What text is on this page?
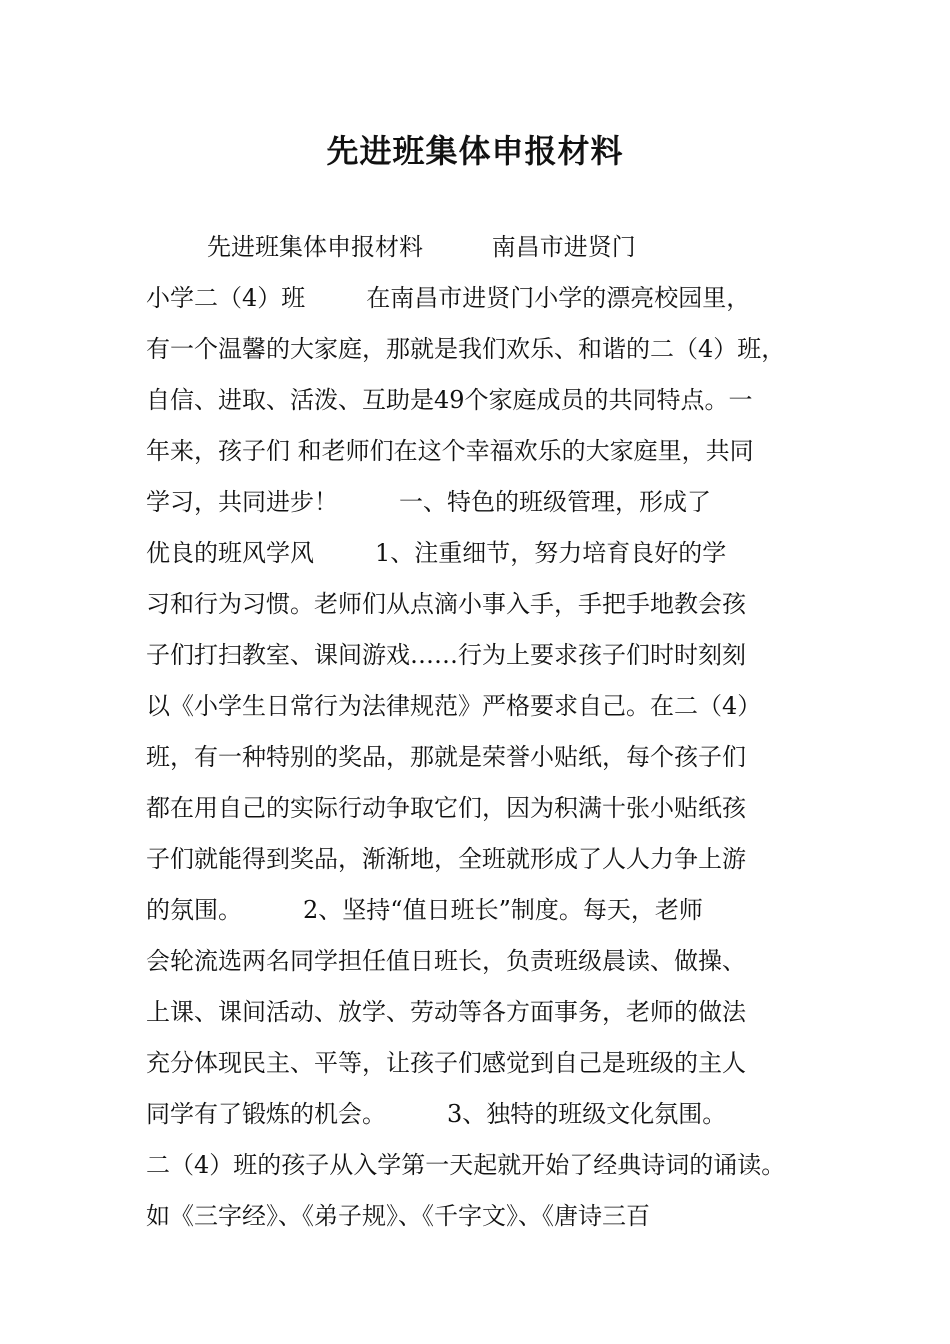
先进班集体申报材料
先进班集体申报材料         南昌市进贤门
小学二（4）班        在南昌市进贤门小学的漂亮校园里，
有一个温馨的大家庭，那就是我们欢乐、和谐的二（4）班，
自信、进取、活泼、互助是49个家庭成员的共同特点。一
年来，孩子们 和老师们在这个幸福欢乐的大家庭里，共同
学习，共同进步！        一、特色的班级管理，形成了
优良的班风学风        1、注重细节，努力培育良好的学
习和行为习惯。老师们从点滴小事入手，手把手地教会孩
子们打扫教室、课间游戏……行为上要求孩子们时时刻刻
以《小学生日常行为法律规范》严格要求自己。在二（4）
班，有一种特别的奖品，那就是荣誉小贴纸，每个孩子们
都在用自己的实际行动争取它们，因为积满十张小贴纸孩
子们就能得到奖品，渐渐地，全班就形成了人人力争上游
的氛围。        2、坚持“值日班长”制度。每天，老师
会轮流选两名同学担任值日班长，负责班级晨读、做操、
上课、课间活动、放学、劳动等各方面事务，老师的做法
充分体现民主、平等，让孩子们感觉到自己是班级的主人
同学有了锻炼的机会。        3、独特的班级文化氛围。
二（4）班的孩子从入学第一天起就开始了经典诗词的诵读。
如《三字经》、《弟子规》、《千字文》、《唐诗三百
